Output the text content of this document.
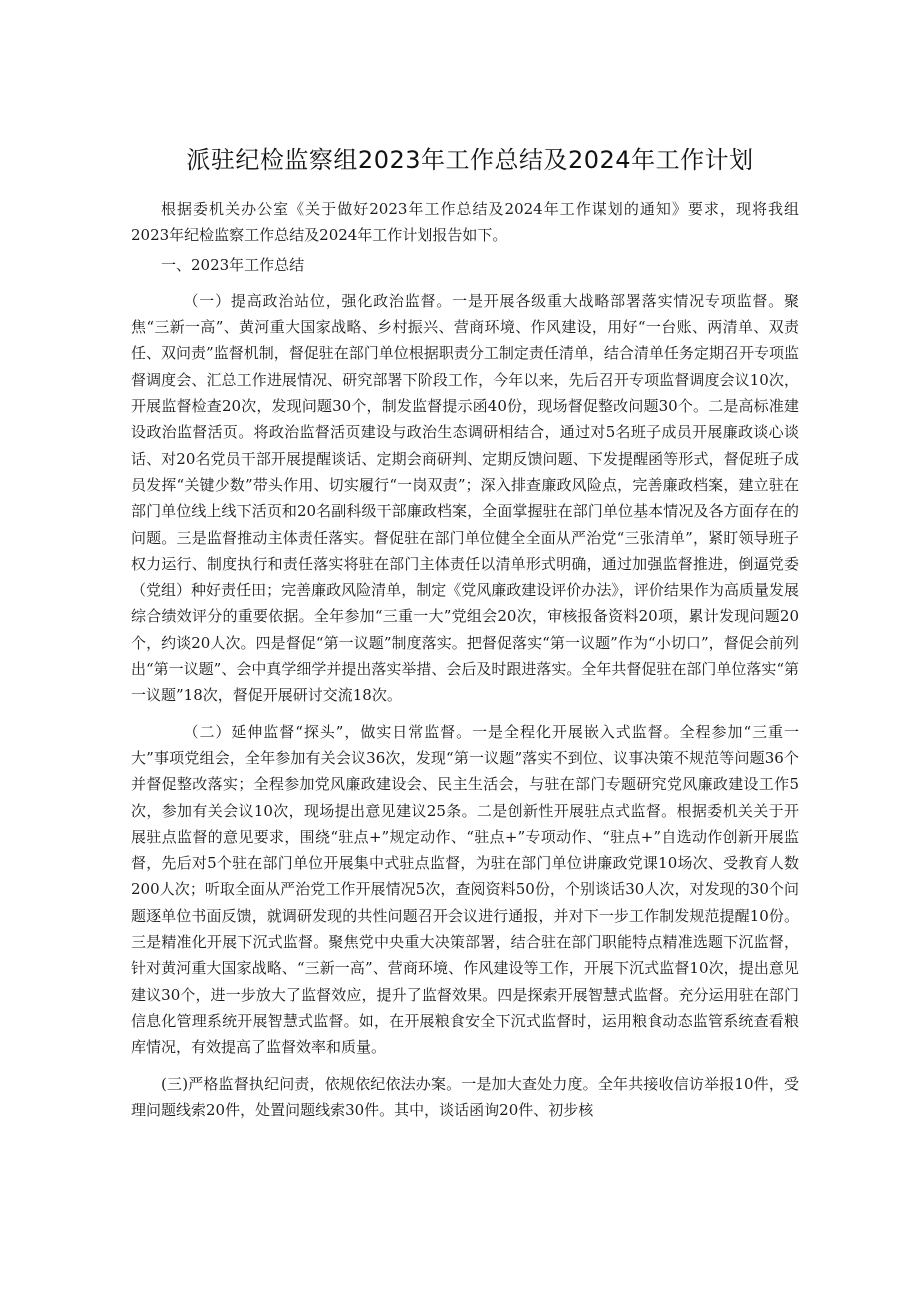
派驻纪检监察组2023年工作总结及2024年工作计划

根据委机关办公室《关于做好2023年工作总结及2024年工作谋划的通知》要求，现将我组2023年纪检监察工作总结及2024年工作计划报告如下。

一、2023年工作总结

（一）提高政治站位，强化政治监督。一是开展各级重大战略部署落实情况专项监督。聚焦“三新一高”、黄河重大国家战略、乡村振兴、营商环境、作风建设，用好“一台账、两清单、双责任、双问责”监督机制，督促驻在部门单位根据职责分工制定责任清单，结合清单任务定期召开专项监督调度会、汇总工作进展情况、研究部署下阶段工作，今年以来，先后召开专项监督调度会议10次，开展监督检查20次，发现问题30个，制发监督提示函40份，现场督促整改问题30个。二是高标准建设政治监督活页。将政治监督活页建设与政治生态调研相结合，通过对5名班子成员开展廉政谈心谈话、对20名党员干部开展提醒谈话、定期会商研判、定期反馈问题、下发提醒函等形式，督促班子成员发挥“关键少数”带头作用、切实履行“一岗双责”；深入排查廉政风险点，完善廉政档案，建立驻在部门单位线上线下活页和20名副科级干部廉政档案，全面掌握驻在部门单位基本情况及各方面存在的问题。三是监督推动主体责任落实。督促驻在部门单位健全全面从严治党“三张清单”，紧盯领导班子权力运行、制度执行和责任落实将驻在部门主体责任以清单形式明确，通过加强监督推进，倒逼党委（党组）种好责任田；完善廉政风险清单，制定《党风廉政建设评价办法》，评价结果作为高质量发展综合绩效评分的重要依据。全年参加“三重一大”党组会20次，审核报备资料20项，累计发现问题20个，约谈20人次。四是督促“第一议题”制度落实。把督促落实“第一议题”作为“小切口”，督促会前列出“第一议题”、会中真学细学并提出落实举措、会后及时跟进落实。全年共督促驻在部门单位落实“第一议题”18次，督促开展研讨交流18次。

（二）延伸监督“探头”，做实日常监督。一是全程化开展嵌入式监督。全程参加“三重一大”事项党组会，全年参加有关会议36次，发现“第一议题”落实不到位、议事决策不规范等问题36个并督促整改落实；全程参加党风廉政建设会、民主生活会，与驻在部门专题研究党风廉政建设工作5次，参加有关会议10次，现场提出意见建议25条。二是创新性开展驻点式监督。根据委机关关于开展驻点监督的意见要求，围绕“驻点+”规定动作、“驻点+”专项动作、“驻点+”自选动作创新开展监督，先后对5个驻在部门单位开展集中式驻点监督，为驻在部门单位讲廉政党课10场次、受教育人数200人次；听取全面从严治党工作开展情况5次，查阅资料50份，个别谈话30人次，对发现的30个问题逐单位书面反馈，就调研发现的共性问题召开会议进行通报，并对下一步工作制发规范提醒10份。三是精准化开展下沉式监督。聚焦党中央重大决策部署，结合驻在部门职能特点精准选题下沉监督，针对黄河重大国家战略、“三新一高”、营商环境、作风建设等工作，开展下沉式监督10次，提出意见建议30个，进一步放大了监督效应，提升了监督效果。四是探索开展智慧式监督。充分运用驻在部门信息化管理系统开展智慧式监督。如，在开展粮食安全下沉式监督时，运用粮食动态监管系统查看粮库情况，有效提高了监督效率和质量。

(三)严格监督执纪问责，依规依纪依法办案。一是加大查处力度。全年共接收信访举报10件，受理问题线索20件，处置问题线索30件。其中，谈话函询20件、初步核
